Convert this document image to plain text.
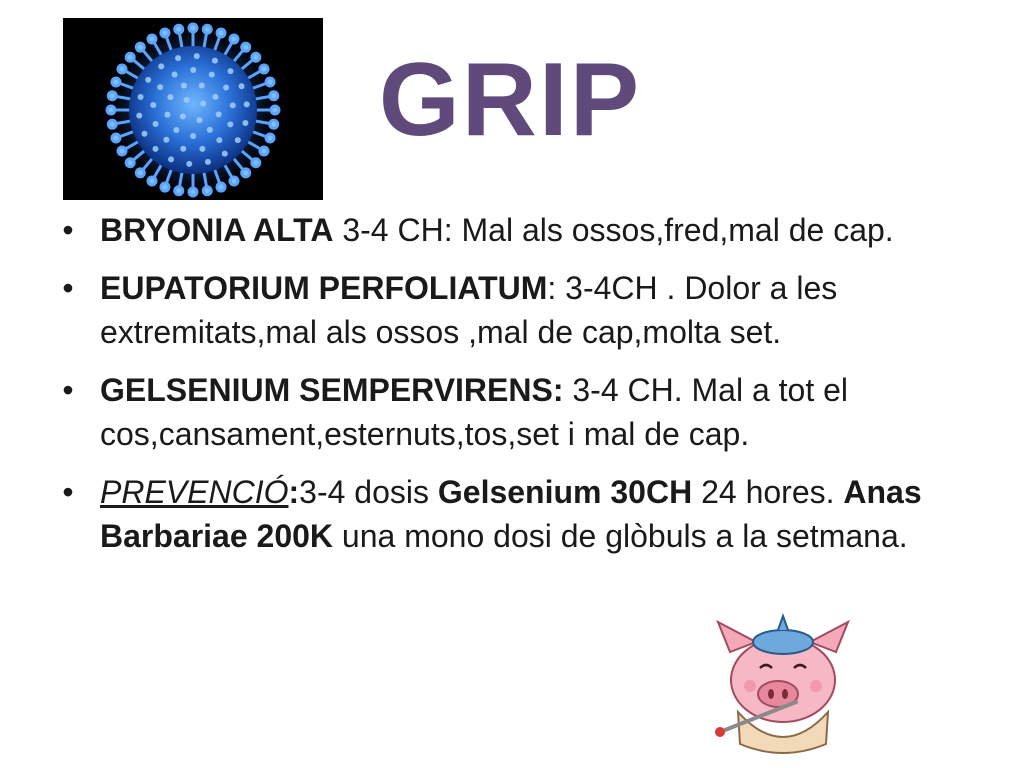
GRIP
• BRYONIA ALTA 3-4 CH: Mal als ossos,fred,mal de cap.
• EUPATORIUM PERFOLIATUM: 3-4CH . Dolor a les extremitats,mal als ossos ,mal de cap,molta set.
• GELSENIUM SEMPERVIRENS: 3-4 CH. Mal a tot el cos,cansament,esternuts,tos,set i mal de cap.
• PREVENCIÓ:3-4 dosis Gelsenium 30CH 24 hores. Anas Barbariae 200K una mono dosi de glòbuls a la setmana.
